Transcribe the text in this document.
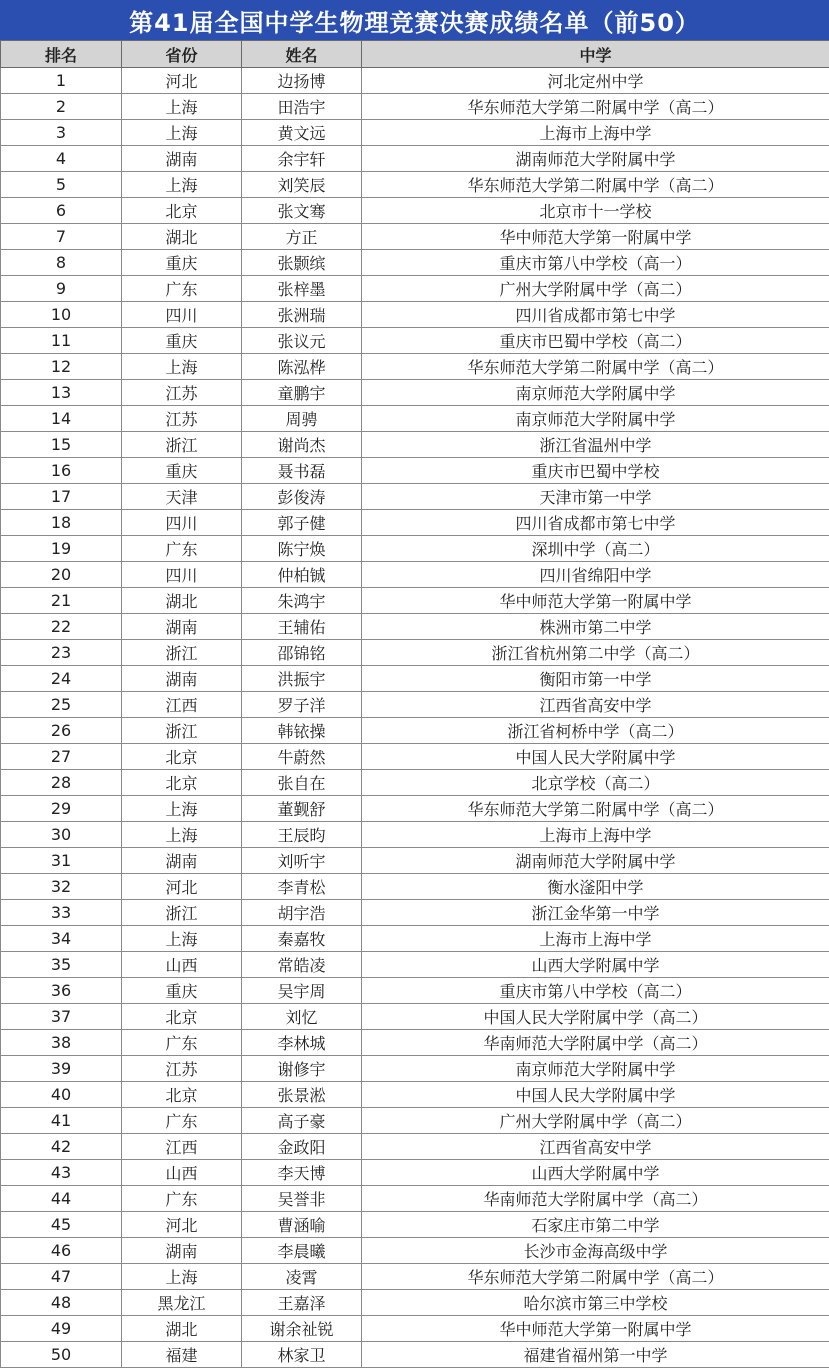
第41届全国中学生物理竞赛决赛成绩名单（前50）
排名	省份	姓名	中学
1	河北	边扬博	河北定州中学
2	上海	田浩宇	华东师范大学第二附属中学（高二）
3	上海	黄文远	上海市上海中学
4	湖南	余宇轩	湖南师范大学附属中学
5	上海	刘笑辰	华东师范大学第二附属中学（高二）
6	北京	张文骞	北京市十一学校
7	湖北	方正	华中师范大学第一附属中学
8	重庆	张颢缤	重庆市第八中学校（高一）
9	广东	张梓墨	广州大学附属中学（高二）
10	四川	张洲瑞	四川省成都市第七中学
11	重庆	张议元	重庆市巴蜀中学校（高二）
12	上海	陈泓桦	华东师范大学第二附属中学（高二）
13	江苏	童鹏宇	南京师范大学附属中学
14	江苏	周骋	南京师范大学附属中学
15	浙江	谢尚杰	浙江省温州中学
16	重庆	聂书磊	重庆市巴蜀中学校
17	天津	彭俊涛	天津市第一中学
18	四川	郭子健	四川省成都市第七中学
19	广东	陈宁焕	深圳中学（高二）
20	四川	仲柏铖	四川省绵阳中学
21	湖北	朱鸿宇	华中师范大学第一附属中学
22	湖南	王辅佑	株洲市第二中学
23	浙江	邵锦铭	浙江省杭州第二中学（高二）
24	湖南	洪振宇	衡阳市第一中学
25	江西	罗子洋	江西省高安中学
26	浙江	韩铱操	浙江省柯桥中学（高二）
27	北京	牛蔚然	中国人民大学附属中学
28	北京	张自在	北京学校（高二）
29	上海	董觐舒	华东师范大学第二附属中学（高二）
30	上海	王辰昀	上海市上海中学
31	湖南	刘听宇	湖南师范大学附属中学
32	河北	李青松	衡水滏阳中学
33	浙江	胡宇浩	浙江金华第一中学
34	上海	秦嘉牧	上海市上海中学
35	山西	常皓凌	山西大学附属中学
36	重庆	吴宇周	重庆市第八中学校（高二）
37	北京	刘忆	中国人民大学附属中学（高二）
38	广东	李林城	华南师范大学附属中学（高二）
39	江苏	谢修宇	南京师范大学附属中学
40	北京	张景淞	中国人民大学附属中学
41	广东	高子豪	广州大学附属中学（高二）
42	江西	金政阳	江西省高安中学
43	山西	李天博	山西大学附属中学
44	广东	吴誉非	华南师范大学附属中学（高二）
45	河北	曹涵喻	石家庄市第二中学
46	湖南	李晨曦	长沙市金海高级中学
47	上海	凌霄	华东师范大学第二附属中学（高二）
48	黑龙江	王嘉泽	哈尔滨市第三中学校
49	湖北	谢余祉锐	华中师范大学第一附属中学
50	福建	林家卫	福建省福州第一中学
